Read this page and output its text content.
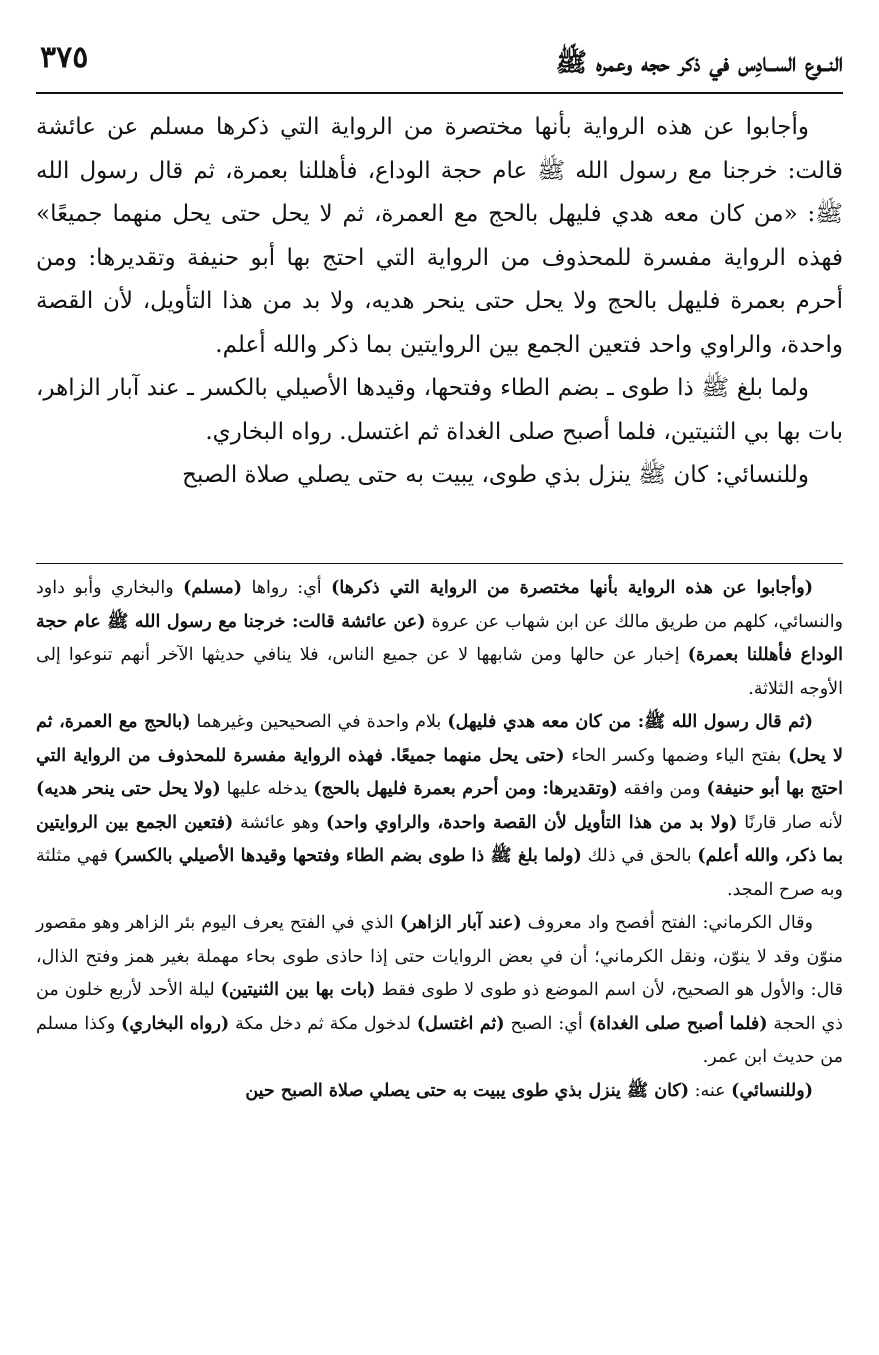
النــوع الســادِس في ذكر حجه وعمره ﷺ
٣٧٥

وأجابوا عن هذه الرواية بأنها مختصرة من الرواية التي ذكرها مسلم عن عائشة قالت: خرجنا مع رسول الله ﷺ عام حجة الوداع، فأهللنا بعمرة، ثم قال رسول الله ﷺ: «من كان معه هدي فليهل بالحج مع العمرة، ثم لا يحل حتى يحل منهما جميعًا» فهذه الرواية مفسرة للمحذوف من الرواية التي احتج بها أبو حنيفة وتقديرها: ومن أحرم بعمرة فليهل بالحج ولا يحل حتى ينحر هديه، ولا بد من هذا التأويل، لأن القصة واحدة، والراوي واحد فتعين الجمع بين الروايتين بما ذكر والله أعلم.

ولما بلغ ﷺ ذا طوى ـ بضم الطاء وفتحها، وقيدها الأصيلي بالكسر ـ عند آبار الزاهر، بات بها بي الثنيتين، فلما أصبح صلى الغداة ثم اغتسل. رواه البخاري.

وللنسائي: كان ﷺ ينزل بذي طوى، يبيت به حتى يصلي صلاة الصبح

(وأجابوا عن هذه الرواية بأنها مختصرة من الرواية التي ذكرها) أي: رواها (مسلم) والبخاري وأبو داود والنسائي، كلهم من طريق مالك عن ابن شهاب عن عروة (عن عائشة قالت: خرجنا مع رسول الله ﷺ عام حجة الوداع فأهللنا بعمرة) إخبار عن حالها ومن شابهها لا عن جميع الناس، فلا ينافي حديثها الآخر أنهم تنوعوا إلى الأوجه الثلاثة.

(ثم قال رسول الله ﷺ: من كان معه هدي فليهل) بلام واحدة في الصحيحين وغيرهما (بالحج مع العمرة، ثم لا يحل) بفتح الياء وضمها وكسر الحاء (حتى يحل منهما جميعًا. فهذه الرواية مفسرة للمحذوف من الرواية التي احتج بها أبو حنيفة) ومن وافقه (وتقديرها: ومن أحرم بعمرة فليهل بالحج) يدخله عليها (ولا يحل حتى ينحر هديه) لأنه صار قارنًا (ولا بد من هذا التأويل لأن القصة واحدة، والراوي واحد) وهو عائشة (فتعين الجمع بين الروايتين بما ذكر، والله أعلم) بالحق في ذلك (ولما بلغ ﷺ ذا طوى بضم الطاء وفتحها وقيدها الأصيلي بالكسر) فهي مثلثة وبه صرح المجد.

وقال الكرماني: الفتح أفصح واد معروف (عند آبار الزاهر) الذي في الفتح يعرف اليوم بئر الزاهر وهو مقصور منوّن وقد لا ينوّن، ونقل الكرماني؛ أن في بعض الروايات حتى إذا حاذى طوى بحاء مهملة بغير همز وفتح الذال، قال: والأول هو الصحيح، لأن اسم الموضع ذو طوى لا طوى فقط (بات بها بين الثنيتين) ليلة الأحد لأربع خلون من ذي الحجة (فلما أصبح صلى الغداة) أي: الصبح (ثم اغتسل) لدخول مكة ثم دخل مكة (رواه البخاري) وكذا مسلم من حديث ابن عمر.

(وللنسائي) عنه: (كان ﷺ ينزل بذي طوى يبيت به حتى يصلي صلاة الصبح حين
